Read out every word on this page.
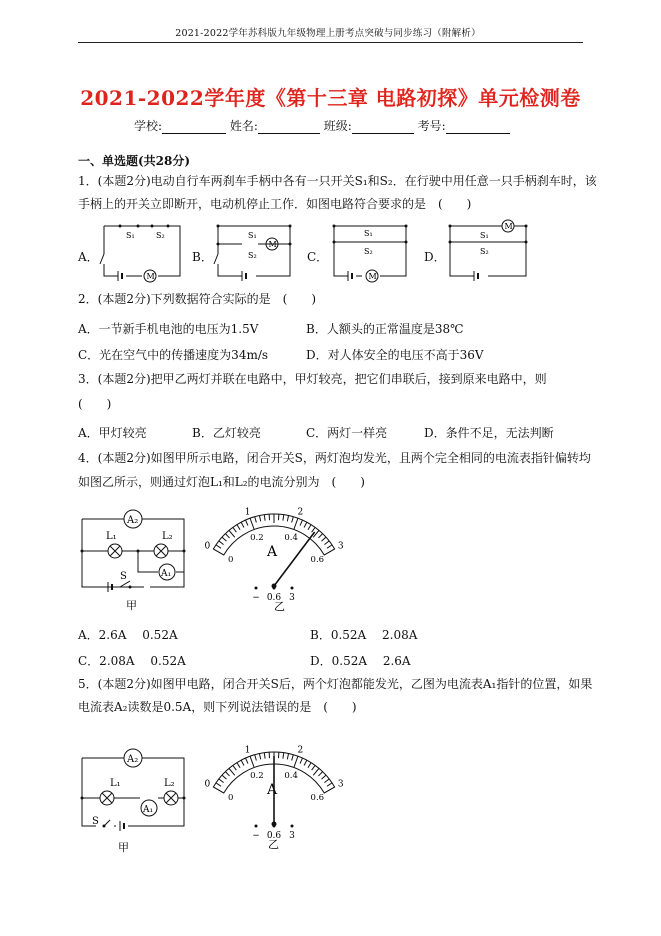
2021-2022学年苏科版九年级物理上册考点突破与同步练习（附解析）
2021-2022学年度《第十三章 电路初探》单元检测卷
学校:	姓名:	班级:	考号:
一、单选题(共28分)
1．(本题2分)电动自行车两刹车手柄中各有一只开关S₁和S₂．在行驶中用任意一只手柄刹车时，该
手柄上的开关立即断开，电动机停止工作．如图电路符合要求的是　(　　)
A．
S₁	S₂
M
B．
S₁
S₂
M
C．
S₁
S₂
M
D．
M
S₁
S₂
2．(本题2分)下列数据符合实际的是　(　　)
A．一节新手机电池的电压为1.5V	B．人额头的正常温度是38℃
C．光在空气中的传播速度为34m/s	D．对人体安全的电压不高于36V
3．(本题2分)把甲乙两灯并联在电路中，甲灯较亮，把它们串联后，接到原来电路中，则
(　　)
A．甲灯较亮	B．乙灯较亮	C．两灯一样亮	D．条件不足，无法判断
4．(本题2分)如图甲所示电路，闭合开关S，两灯泡均发光，且两个完全相同的电流表指针偏转均
如图乙所示，则通过灯泡L₁和L₂的电流分别为　(　　)
A₂
L₁	L₂
A₁
S
甲
0
1	2
3
0
0.2 0.4
0.6
A
− 0.6 3
乙
A．2.6A　 0.52A	B．0.52A　 2.08A
C．2.08A　 0.52A	D．0.52A　 2.6A
5．(本题2分)如图甲电路，闭合开关S后，两个灯泡都能发光，乙图为电流表A₁指针的位置，如果
电流表A₂读数是0.5A，则下列说法错误的是　(　　)
A₂
L₁	L₂
A₁
S
甲
0
1	2
3
0
0.2 0.4
0.6
A
− 0.6 3
乙
